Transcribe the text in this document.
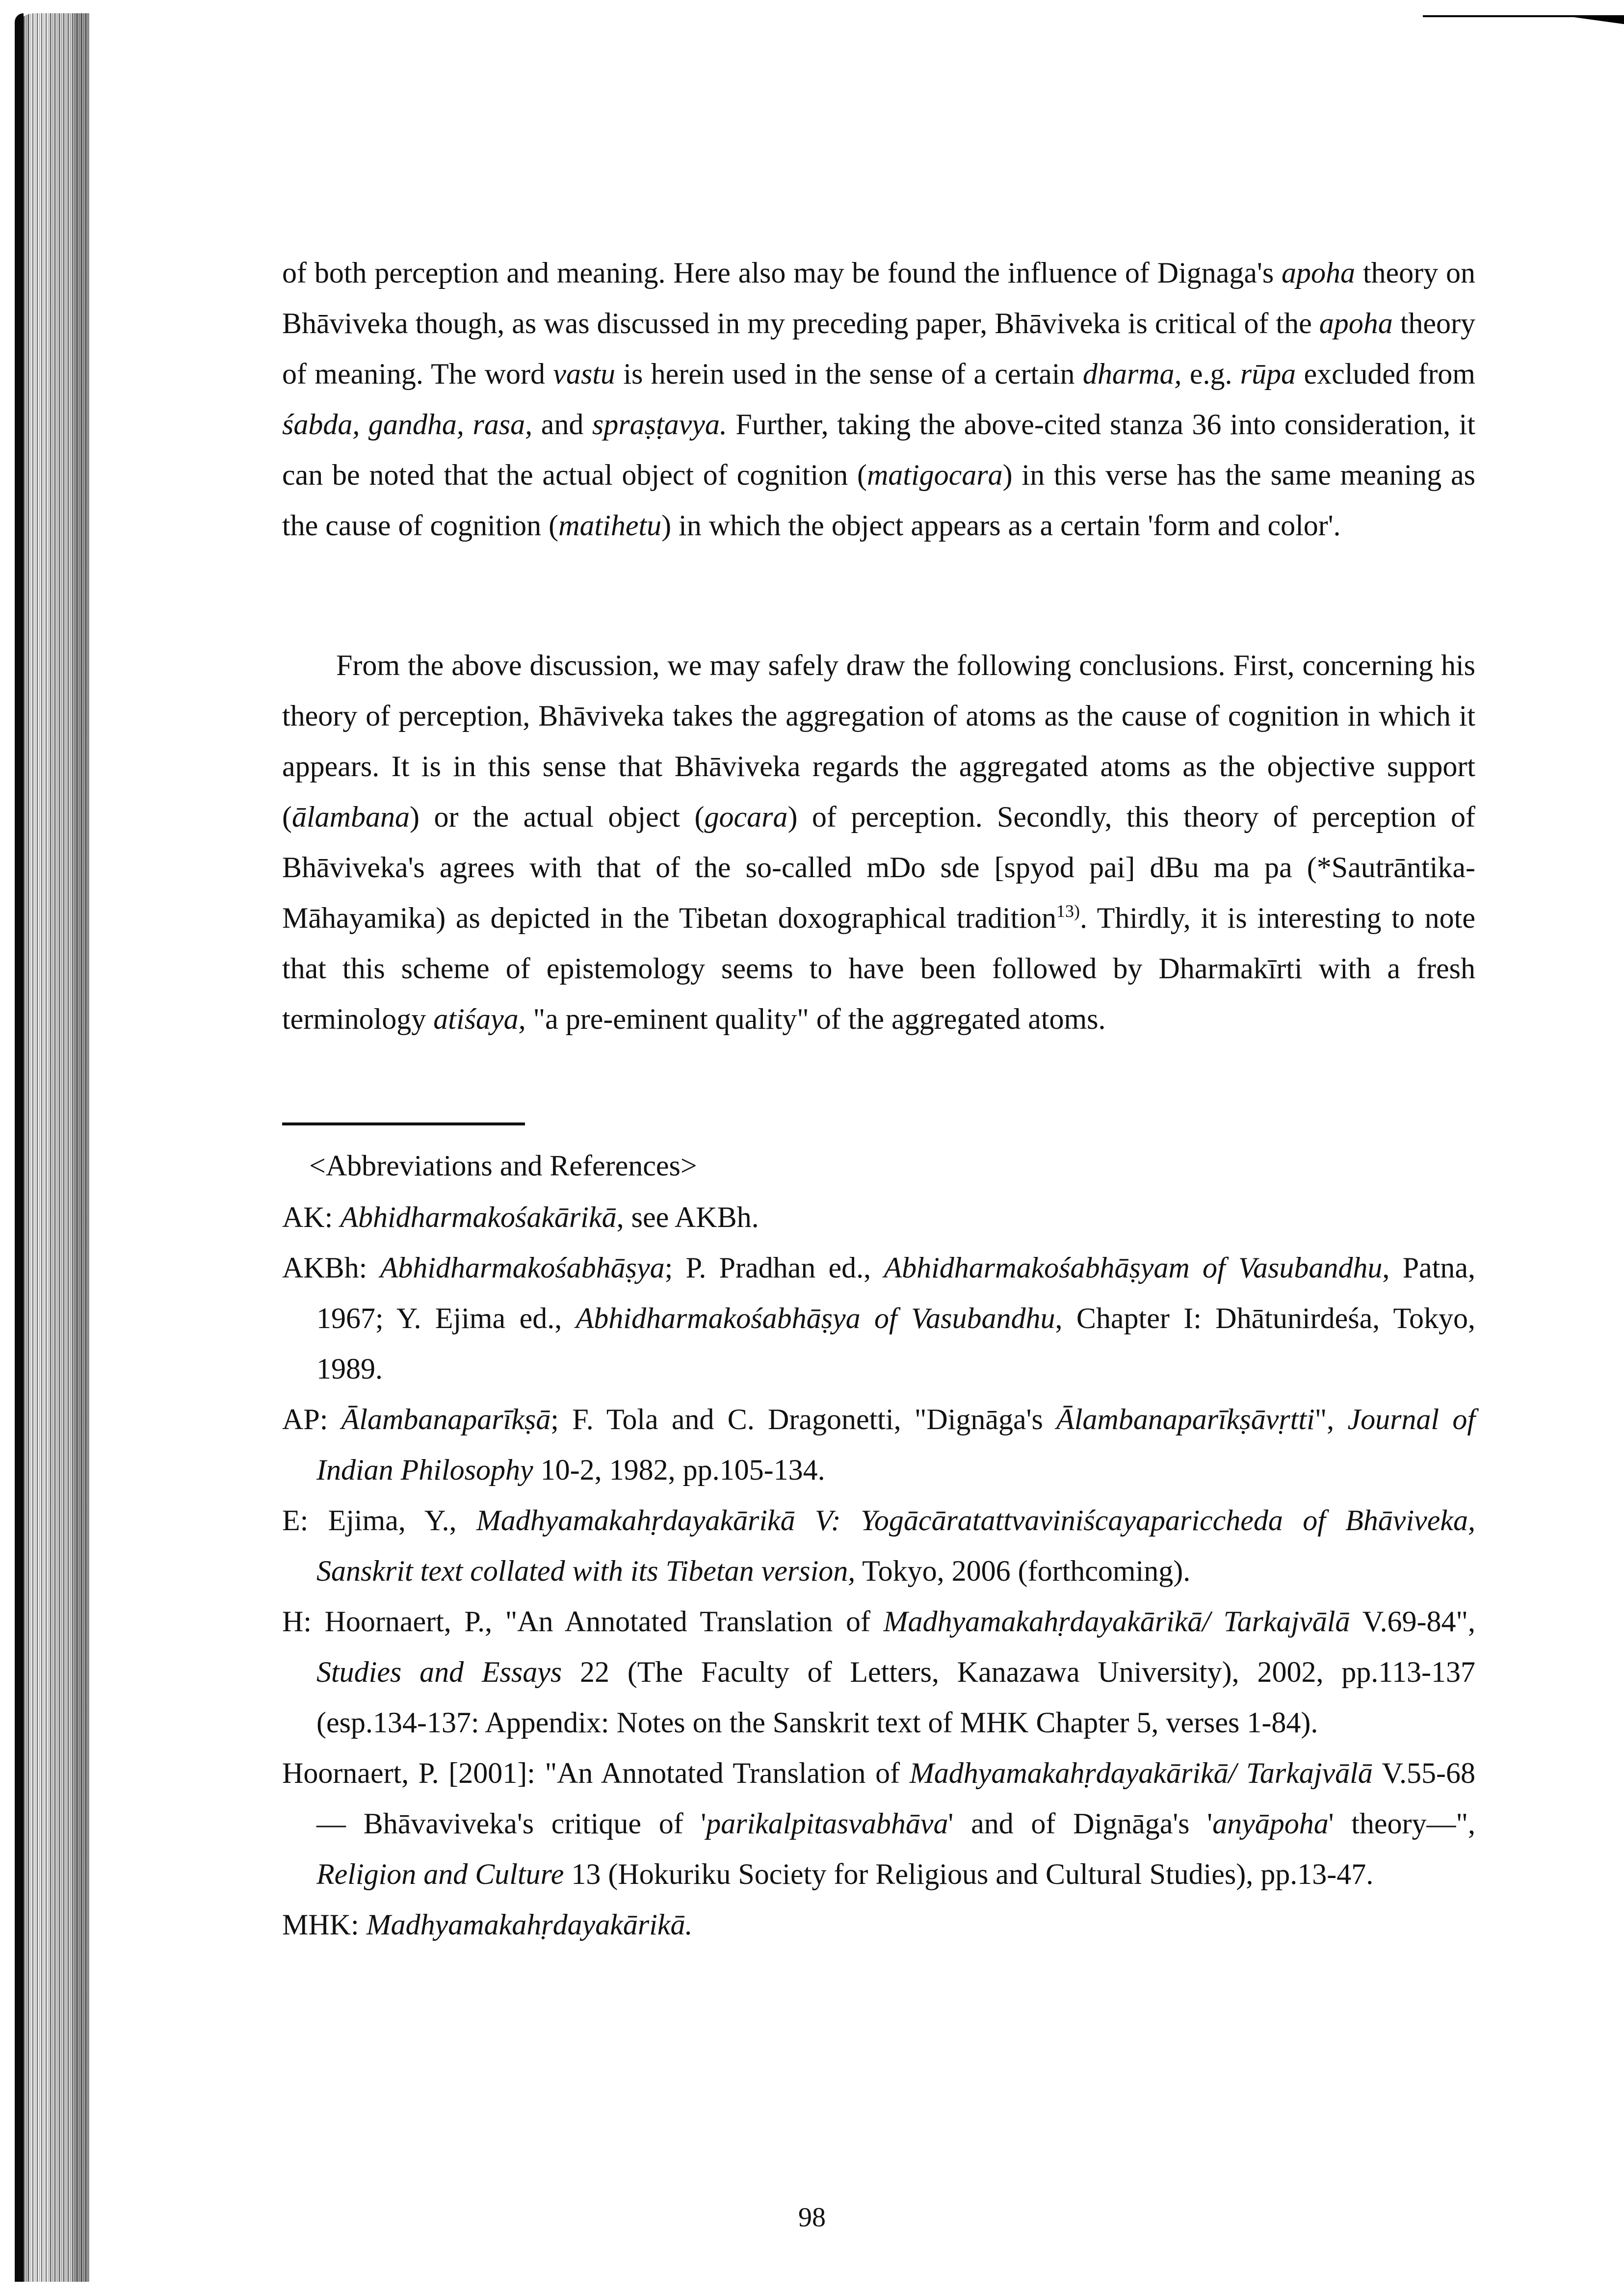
of both perception and meaning. Here also may be found the influence of Dignaga's apoha theory on Bhāviveka though, as was discussed in my preceding paper, Bhāviveka is critical of the apoha theory of meaning. The word vastu is herein used in the sense of a certain dharma, e.g. rūpa excluded from śabda, gandha, rasa, and spraṣṭavya. Further, taking the above-cited stanza 36 into consideration, it can be noted that the actual object of cognition (matigocara) in this verse has the same meaning as the cause of cognition (matihetu) in which the object appears as a certain 'form and color'.

From the above discussion, we may safely draw the following conclusions. First, concerning his theory of perception, Bhāviveka takes the aggregation of atoms as the cause of cognition in which it appears. It is in this sense that Bhāviveka regards the aggregated atoms as the objective support (ālambana) or the actual object (gocara) of perception. Secondly, this theory of perception of Bhāviveka's agrees with that of the so-called mDo sde [spyod pai] dBu ma pa (*Sautrāntika-Māhayamika) as depicted in the Tibetan doxographical tradition$^{13)}$. Thirdly, it is interesting to note that this scheme of epistemology seems to have been followed by Dharmakīrti with a fresh terminology atiśaya, "a pre-eminent quality" of the aggregated atoms.

<Abbreviations and References>

AK: Abhidharmakośakārikā, see AKBh.

AKBh: Abhidharmakośabhāṣya; P. Pradhan ed., Abhidharmakośabhāṣyam of Vasubandhu, Patna, 1967; Y. Ejima ed., Abhidharmakośabhāṣya of Vasubandhu, Chapter I: Dhātunirdeśa, Tokyo, 1989.

AP: Ālambanaparīkṣā; F. Tola and C. Dragonetti, "Dignāga's Ālambanaparīkṣāvṛtti", Journal of Indian Philosophy 10-2, 1982, pp.105-134.

E: Ejima, Y., Madhyamakahṛdayakārikā V: Yogācāratattvaviniścayapariccheda of Bhāviveka, Sanskrit text collated with its Tibetan version, Tokyo, 2006 (forthcoming).

H: Hoornaert, P., "An Annotated Translation of Madhyamakahṛdayakārikā/ Tarkajvālā V.69-84", Studies and Essays 22 (The Faculty of Letters, Kanazawa University), 2002, pp.113-137 (esp.134-137: Appendix: Notes on the Sanskrit text of MHK Chapter 5, verses 1-84).

Hoornaert, P. [2001]: "An Annotated Translation of Madhyamakahṛdayakārikā/ Tarkajvālā V.55-68 — Bhāvaviveka's critique of 'parikalpitasvabhāva' and of Dignāga's 'anyāpoha' theory—", Religion and Culture 13 (Hokuriku Society for Religious and Cultural Studies), pp.13-47.

MHK: Madhyamakahṛdayakārikā.

98
